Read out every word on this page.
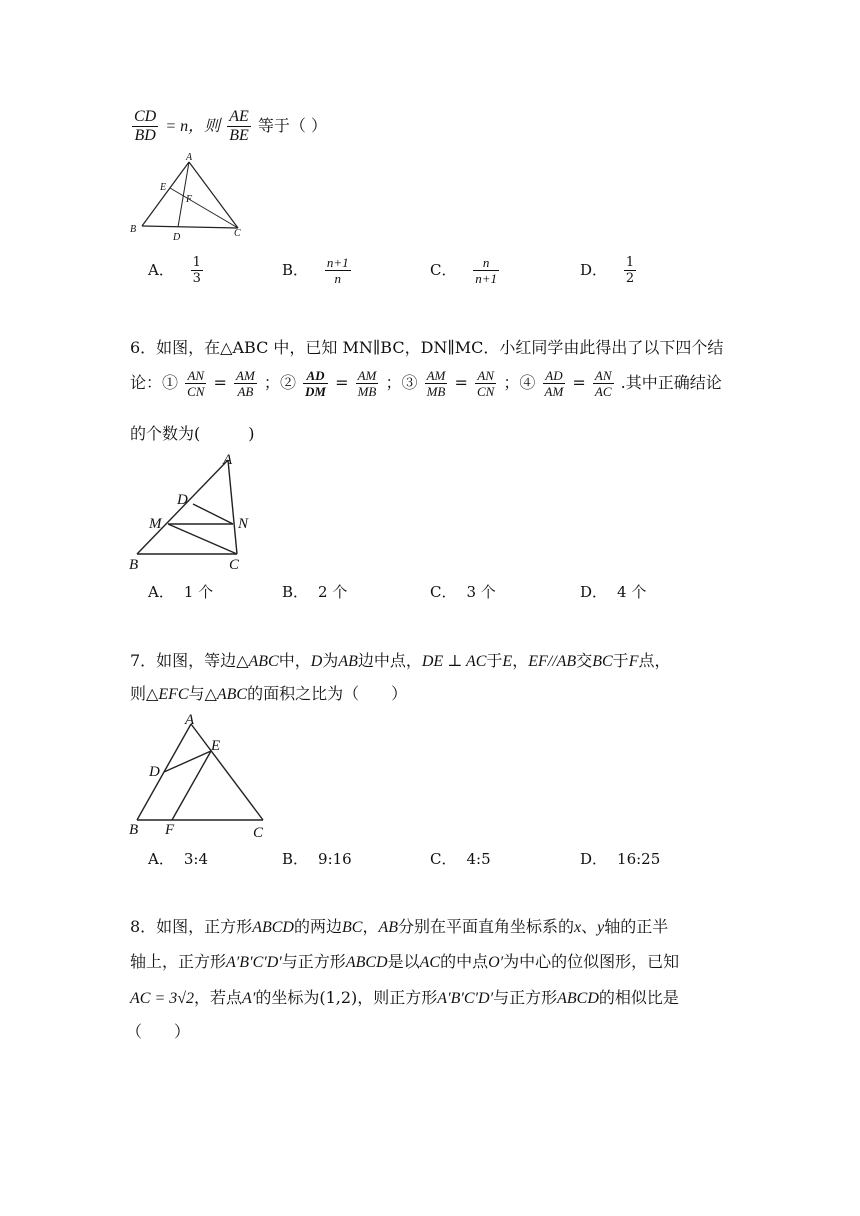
$\frac{CD}{BD} = n$，则 $\frac{AE}{BE}$ 等于（ ）
A
E
F
B
D	C
A． $\frac{1}{3}$	B． $\frac{n+1}{n}$	C． $\frac{n}{n+1}$	D． $\frac{1}{2}$
6．如图，在△ABC 中，已知 MN∥BC，DN∥MC．小红同学由此得出了以下四个结
论：① $\frac{AN}{CN} = \frac{AM}{AB}$ ；② $\frac{AD}{DM} = \frac{AM}{MB}$ ；③ $\frac{AM}{MB} = \frac{AN}{CN}$ ；④ $\frac{AD}{AM} = \frac{AN}{AC}$ .其中正确结论
的个数为(　　　)
A
D
M	N
B	C
A． 1 个	B． 2 个	C． 3 个	D． 4 个
7．如图，等边△ABC中，D为AB边中点，DE ⊥ AC于E，EF//AB交BC于F点，
则△EFC与△ABC的面积之比为（　　）
A
D
E
B F	C
A． 3:4	B． 9:16	C． 4:5	D． 16:25
8．如图，正方形ABCD的两边BC，AB分别在平面直角坐标系的x、y轴的正半
轴上，正方形A′B′C′D′与正方形ABCD是以AC的中点O′为中心的位似图形，已知
AC = 3√2，若点A′的坐标为(1,2)，则正方形A′B′C′D′与正方形ABCD的相似比是
（　　）
